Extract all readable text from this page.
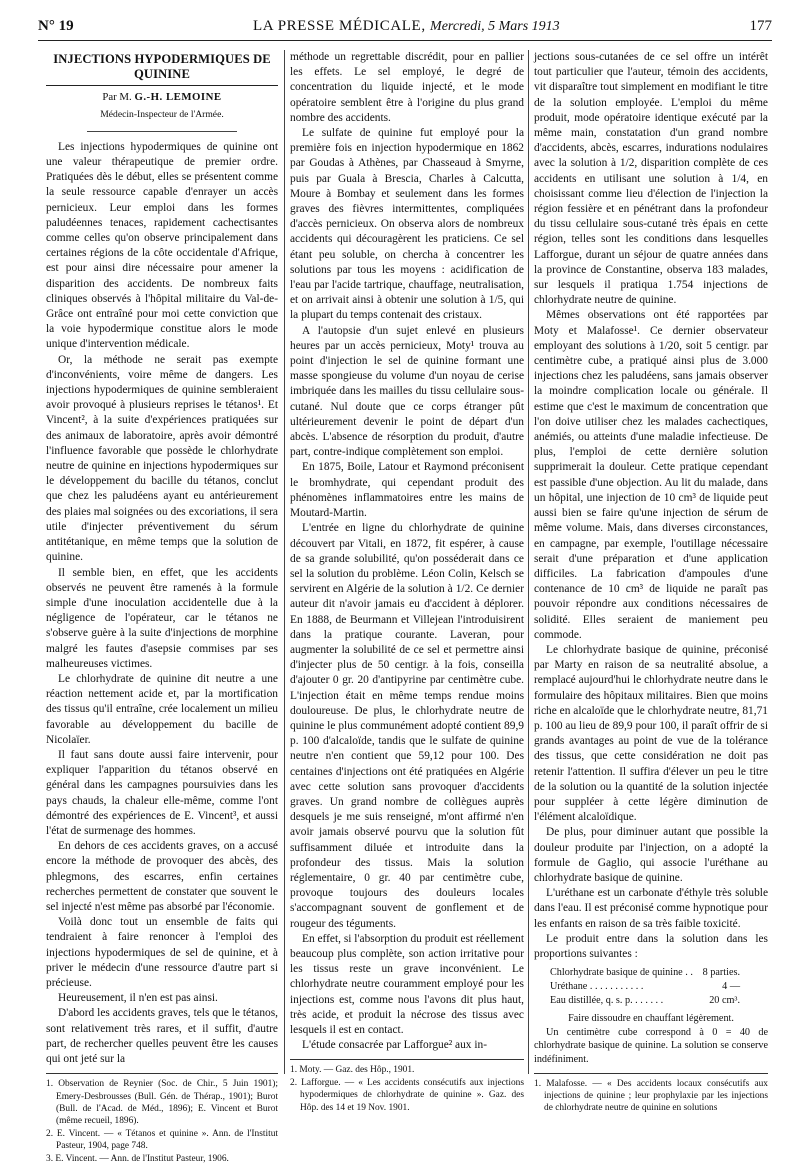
N° 19	LA PRESSE MÉDICALE, Mercredi, 5 Mars 1913	177
INJECTIONS HYPODERMIQUES DE QUININE
Par M. G.-H. LEMOINE
Médecin-Inspecteur de l'Armée.

Les injections hypodermiques de quinine ont une valeur thérapeutique de premier ordre. Pratiquées dès le début, elles se présentent comme la seule ressource capable d'enrayer un accès pernicieux. Leur emploi dans les formes paludéennes tenaces, rapidement cachectisantes comme celles qu'on observe principalement dans certaines régions de la côte occidentale d'Afrique, est pour ainsi dire nécessaire pour amener la disparition des accidents. De nombreux faits cliniques observés à l'hôpital militaire du Val-de-Grâce ont entraîné pour moi cette conviction que la voie hypodermique constitue alors le mode unique d'intervention médicale.

Or, la méthode ne serait pas exempte d'inconvénients, voire même de dangers. Les injections hypodermiques de quinine sembleraient avoir provoqué à plusieurs reprises le tétanos¹. Et Vincent², à la suite d'expériences pratiquées sur des animaux de laboratoire, après avoir démontré l'influence favorable que possède le chlorhydrate neutre de quinine en injections hypodermiques sur le développement du bacille du tétanos, conclut que chez les paludéens ayant eu antérieurement des plaies mal soignées ou des excoriations, il sera utile d'injecter préventivement du sérum antitétanique, en même temps que la solution de quinine.

Il semble bien, en effet, que les accidents observés ne peuvent être ramenés à la formule simple d'une inoculation accidentelle due à la négligence de l'opérateur, car le tétanos ne s'observe guère à la suite d'injections de morphine malgré les fautes d'asepsie commises par ses malheureuses victimes.

Le chlorhydrate de quinine dit neutre a une réaction nettement acide et, par la mortification des tissus qu'il entraîne, crée localement un milieu favorable au développement du bacille de Nicolaïer.

Il faut sans doute aussi faire intervenir, pour expliquer l'apparition du tétanos observé en général dans les campagnes poursuivies dans les pays chauds, la chaleur elle-même, comme l'ont démontré des expériences de E. Vincent³, et aussi l'état de surmenage des hommes.

En dehors de ces accidents graves, on a accusé encore la méthode de provoquer des abcès, des phlegmons, des escarres, enfin certaines recherches permettent de constater que souvent le sel injecté n'est même pas absorbé par l'économie.

Voilà donc tout un ensemble de faits qui tendraient à faire renoncer à l'emploi des injections hypodermiques de sel de quinine, et à priver le médecin d'une ressource d'autre part si précieuse.

Heureusement, il n'en est pas ainsi.

D'abord les accidents graves, tels que le tétanos, sont relativement très rares, et il suffit, d'autre part, de rechercher quelles peuvent être les causes qui ont jeté sur la

1. Observation de Reynier (Soc. de Chir., 5 Juin 1901); Emery-Desbrousses (Bull. Gén. de Thérap., 1901); Burot (Bull. de l'Acad. de Méd., 1896); E. Vincent et Burot (même recueil, 1896).
2. E. Vincent. — « Tétanos et quinine ». Ann. de l'Institut Pasteur, 1904, page 748.
3. E. Vincent. — Ann. de l'Institut Pasteur, 1906.

méthode un regrettable discrédit, pour en pallier les effets. Le sel employé, le degré de concentration du liquide injecté, et le mode opératoire semblent être à l'origine du plus grand nombre des accidents.

Le sulfate de quinine fut employé pour la première fois en injection hypodermique en 1862 par Goudas à Athènes, par Chasseaud à Smyrne, puis par Guala à Brescia, Charles à Calcutta, Moure à Bombay et seulement dans les formes graves des fièvres intermittentes, compliquées d'accès pernicieux. On observa alors de nombreux accidents qui découragèrent les praticiens. Ce sel étant peu soluble, on chercha à concentrer les solutions par tous les moyens : acidification de l'eau par l'acide tartrique, chauffage, neutralisation, et on arrivait ainsi à obtenir une solution à 1/5, qui la plupart du temps contenait des cristaux.

A l'autopsie d'un sujet enlevé en plusieurs heures par un accès pernicieux, Moty¹ trouva au point d'injection le sel de quinine formant une masse spongieuse du volume d'un noyau de cerise imbriquée dans les mailles du tissu cellulaire sous-cutané. Nul doute que ce corps étranger pût ultérieurement devenir le point de départ d'un abcès. L'absence de résorption du produit, d'autre part, contre-indique complètement son emploi.

En 1875, Boile, Latour et Raymond préconisent le bromhydrate, qui cependant produit des phénomènes inflammatoires entre les mains de Moutard-Martin.

L'entrée en ligne du chlorhydrate de quinine découvert par Vitali, en 1872, fit espérer, à cause de sa grande solubilité, qu'on posséderait dans ce sel la solution du problème. Léon Colin, Kelsch se servirent en Algérie de la solution à 1/2. Ce dernier auteur dit n'avoir jamais eu d'accident à déplorer. En 1888, de Beurmann et Villejean l'introduisirent dans la pratique courante. Laveran, pour augmenter la solubilité de ce sel et permettre ainsi d'injecter plus de 50 centigr. à la fois, conseilla d'ajouter 0 gr. 20 d'antipyrine par centimètre cube. L'injection était en même temps rendue moins douloureuse. De plus, le chlorhydrate neutre de quinine le plus communément adopté contient 89,9 p. 100 d'alcaloïde, tandis que le sulfate de quinine neutre n'en contient que 59,12 pour 100. Des centaines d'injections ont été pratiquées en Algérie avec cette solution sans provoquer d'accidents graves. Un grand nombre de collègues auprès desquels je me suis renseigné, m'ont affirmé n'en avoir jamais observé pourvu que la solution fût suffisamment diluée et introduite dans la profondeur des tissus. Mais la solution réglementaire, 0 gr. 40 par centimètre cube, provoque toujours des douleurs locales s'accompagnant souvent de gonflement et de rougeur des téguments.

En effet, si l'absorption du produit est réellement beaucoup plus complète, son action irritative pour les tissus reste un grave inconvénient. Le chlorhydrate neutre couramment employé pour les injections est, comme nous l'avons dit plus haut, très acide, et produit la nécrose des tissus avec lesquels il est en contact.

L'étude consacrée par Lafforgue² aux in-

1. Moty. — Gaz. des Hôp., 1901.
2. Lafforgue. — « Les accidents consécutifs aux injections hypodermiques de chlorhydrate de quinine ». Gaz. des Hôp. des 14 et 19 Nov. 1901.

jections sous-cutanées de ce sel offre un intérêt tout particulier que l'auteur, témoin des accidents, vit disparaître tout simplement en modifiant le titre de la solution employée. L'emploi du même produit, mode opératoire identique exécuté par la même main, constatation d'un grand nombre d'accidents, abcès, escarres, indurations nodulaires avec la solution à 1/2, disparition complète de ces accidents en utilisant une solution à 1/4, en choisissant comme lieu d'élection de l'injection la région fessière et en pénétrant dans la profondeur du tissu cellulaire sous-cutané très épais en cette région, telles sont les conditions dans lesquelles Lafforgue, durant un séjour de quatre années dans la province de Constantine, observa 183 malades, sur lesquels il pratiqua 1.754 injections de chlorhydrate neutre de quinine.

Mêmes observations ont été rapportées par Moty et Malafosse¹. Ce dernier observateur employant des solutions à 1/20, soit 5 centigr. par centimètre cube, a pratiqué ainsi plus de 3.000 injections chez les paludéens, sans jamais observer la moindre complication locale ou générale. Il estime que c'est le maximum de concentration que l'on doive utiliser chez les malades cachectiques, anémiés, ou atteints d'une maladie infectieuse. De plus, l'emploi de cette dernière solution supprimerait la douleur. Cette pratique cependant est passible d'une objection. Au lit du malade, dans un hôpital, une injection de 10 cm³ de liquide peut aussi bien se faire qu'une injection de sérum de même volume. Mais, dans diverses circonstances, en campagne, par exemple, l'outillage nécessaire serait d'une préparation et d'une application difficiles. La fabrication d'ampoules d'une contenance de 10 cm³ de liquide ne paraît pas pouvoir répondre aux conditions nécessaires de solidité. Elles seraient de maniement peu commode.

Le chlorhydrate basique de quinine, préconisé par Marty en raison de sa neutralité absolue, a remplacé aujourd'hui le chlorhydrate neutre dans le formulaire des hôpitaux militaires. Bien que moins riche en alcaloïde que le chlorhydrate neutre, 81,71 p. 100 au lieu de 89,9 pour 100, il paraît offrir de si grands avantages au point de vue de la tolérance des tissus, que cette considération ne doit pas retenir l'attention. Il suffira d'élever un peu le titre de la solution ou la quantité de la solution injectée pour suppléer à cette légère diminution de l'élément alcaloïdique.

De plus, pour diminuer autant que possible la douleur produite par l'injection, on a adopté la formule de Gaglio, qui associe l'uréthane au chlorhydrate basique de quinine.

L'uréthane est un carbonate d'éthyle très soluble dans l'eau. Il est préconisé comme hypnotique pour les enfants en raison de sa très faible toxicité.

Le produit entre dans la solution dans les proportions suivantes :

Chlorhydrate basique de quinine . . 8 parties.
Uréthane . . . . . . . . . . .	4 —
Eau distillée, q. s. p. . . . . . .	20 cm³.

Faire dissoudre en chauffant légèrement.

Un centimètre cube correspond à 0 = 40 de chlorhydrate basique de quinine. La solution se conserve indéfiniment.

1. Malafosse. — « Des accidents locaux consécutifs aux injections de quinine ; leur prophylaxie par les injections de chlorhydrate neutre de quinine en solutions
